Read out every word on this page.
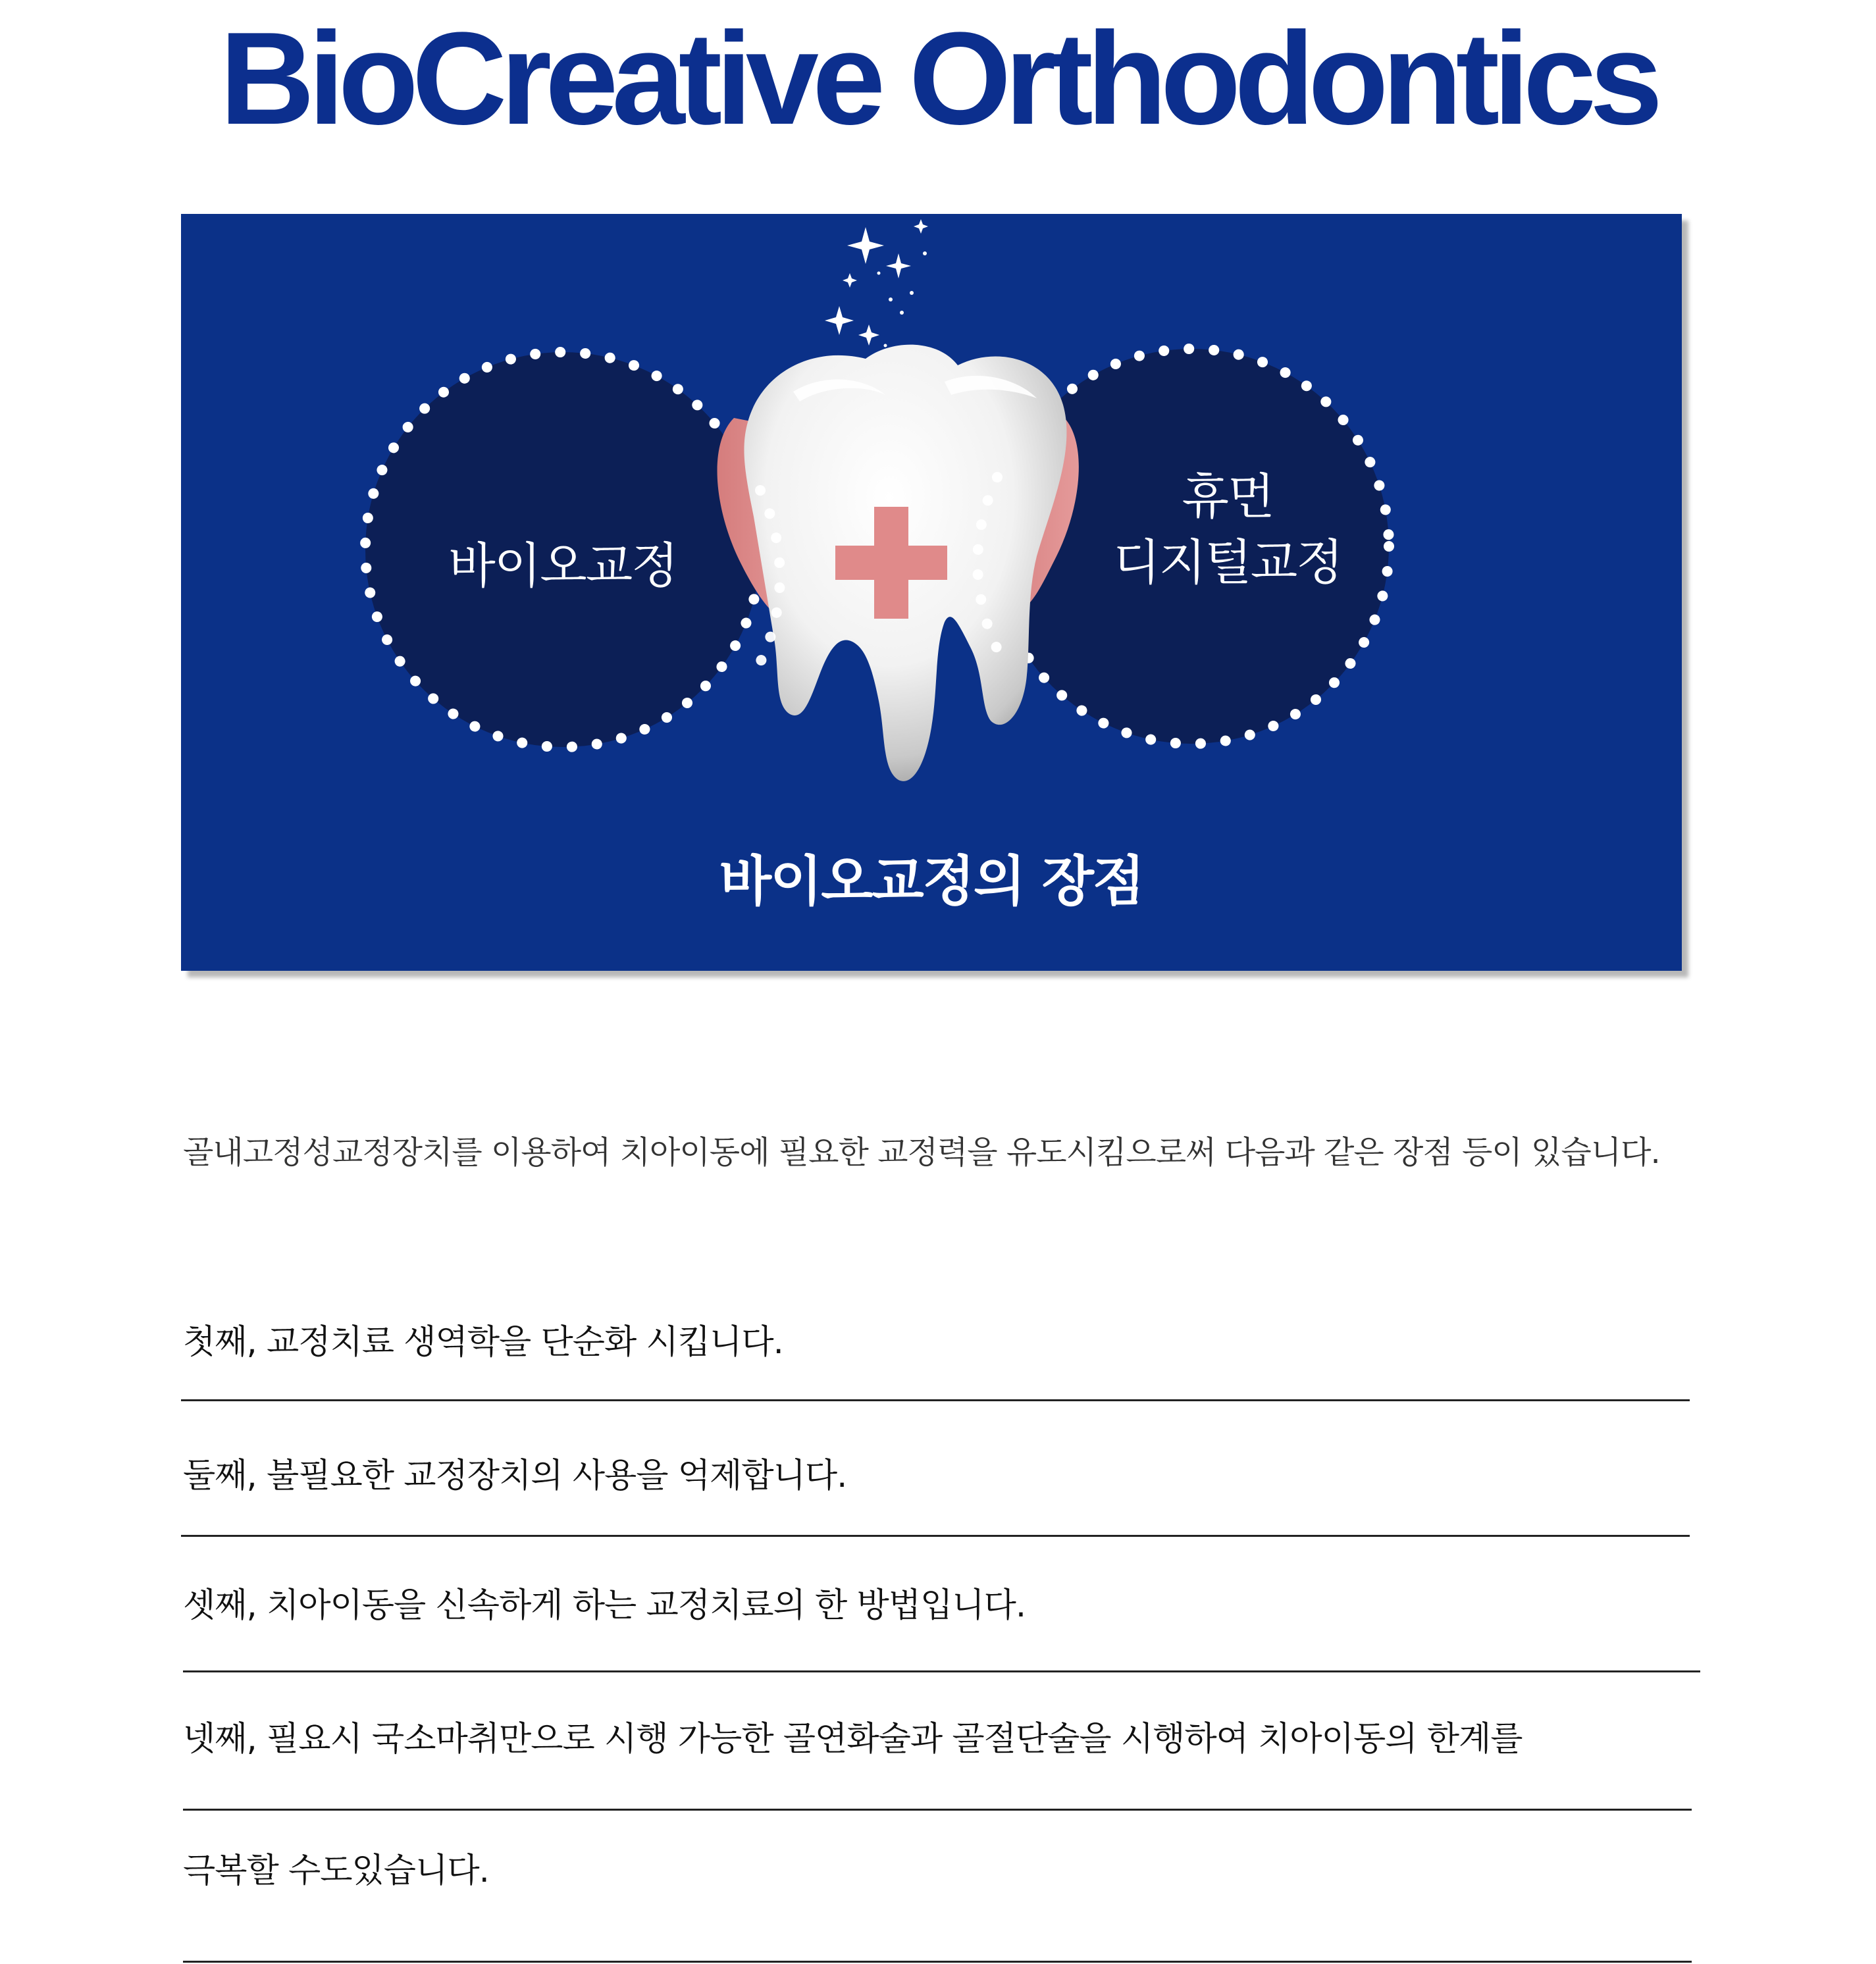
BioCreative Orthodontics
바이오교정
휴먼
디지털교정
바이오교정의 장점
골내고정성교정장치를 이용하여 치아이동에 필요한 교정력을 유도시킴으로써 다음과 같은 장점 등이 있습니다.
첫째, 교정치료 생역학을 단순화 시킵니다.
둘째, 불필요한 교정장치의 사용을 억제합니다.
셋째, 치아이동을 신속하게 하는 교정치료의 한 방법입니다.
넷째, 필요시 국소마취만으로 시행 가능한 골연화술과 골절단술을 시행하여 치아이동의 한계를
극복할 수도있습니다.
